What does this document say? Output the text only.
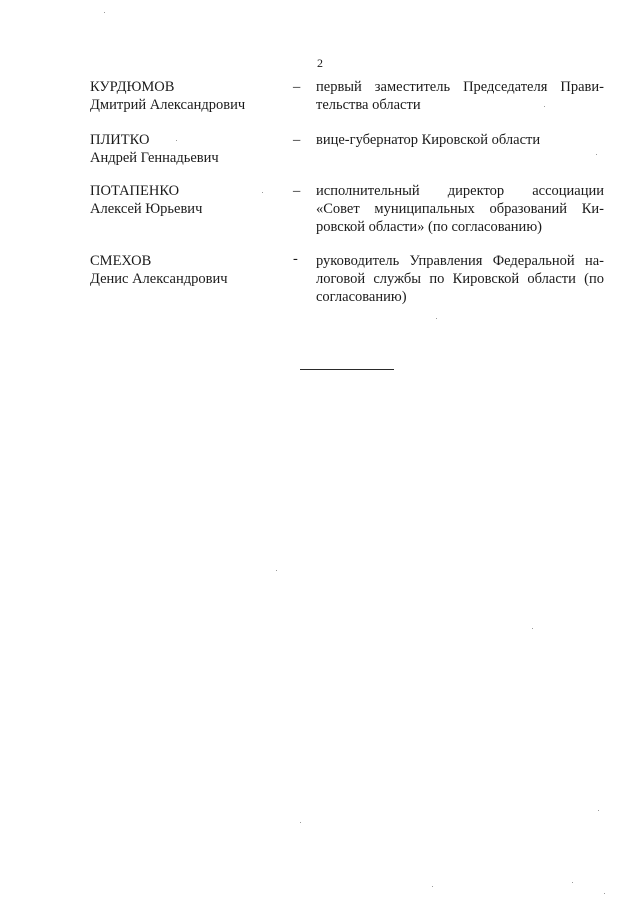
2
КУРДЮМОВ
Дмитрий Александрович
– первый заместитель Председателя Прави-
тельства области
ПЛИТКО
Андрей Геннадьевич
– вице-губернатор Кировской области
ПОТАПЕНКО
Алексей Юрьевич
– исполнительный директор ассоциации
«Совет муниципальных образований Ки-
ровской области» (по согласованию)
СМЕХОВ
Денис Александрович
- руководитель Управления Федеральной на-
логовой службы по Кировской области (по
согласованию)
